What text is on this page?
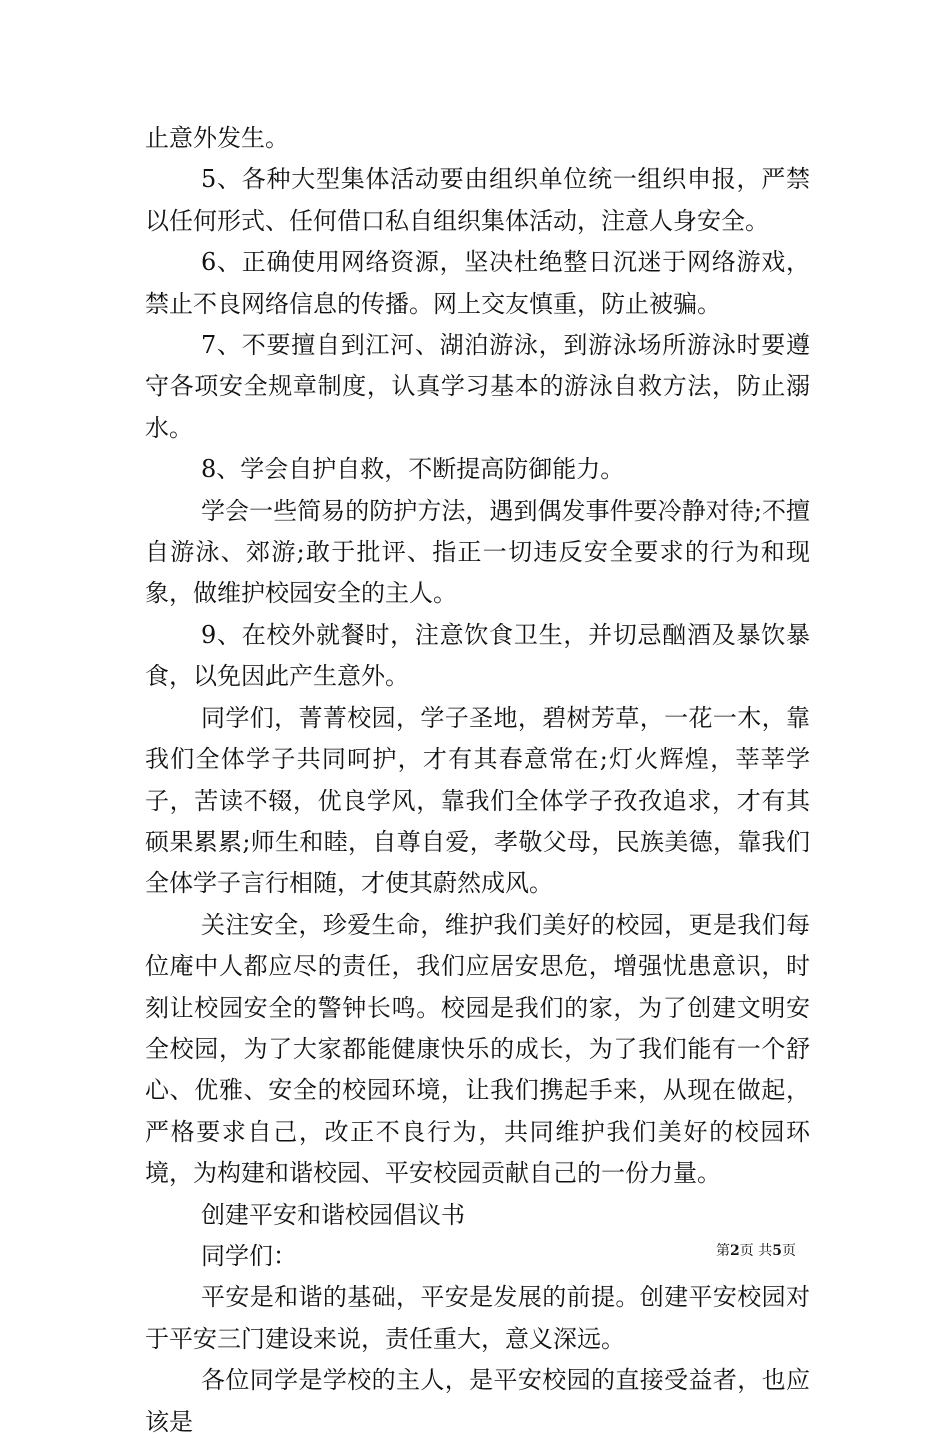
止意外发生。

5、各种大型集体活动要由组织单位统一组织申报，严禁以任何形式、任何借口私自组织集体活动，注意人身安全。

6、正确使用网络资源，坚决杜绝整日沉迷于网络游戏，禁止不良网络信息的传播。网上交友慎重，防止被骗。

7、不要擅自到江河、湖泊游泳，到游泳场所游泳时要遵守各项安全规章制度，认真学习基本的游泳自救方法，防止溺水。

8、学会自护自救，不断提高防御能力。

学会一些简易的防护方法，遇到偶发事件要冷静对待;不擅自游泳、郊游;敢于批评、指正一切违反安全要求的行为和现象，做维护校园安全的主人。

9、在校外就餐时，注意饮食卫生，并切忌酗酒及暴饮暴食，以免因此产生意外。

同学们，菁菁校园，学子圣地，碧树芳草，一花一木，靠我们全体学子共同呵护，才有其春意常在;灯火辉煌，莘莘学子，苦读不辍，优良学风，靠我们全体学子孜孜追求，才有其硕果累累;师生和睦，自尊自爱，孝敬父母，民族美德，靠我们全体学子言行相随，才使其蔚然成风。

关注安全，珍爱生命，维护我们美好的校园，更是我们每位庵中人都应尽的责任，我们应居安思危，增强忧患意识，时刻让校园安全的警钟长鸣。校园是我们的家，为了创建文明安全校园，为了大家都能健康快乐的成长，为了我们能有一个舒心、优雅、安全的校园环境，让我们携起手来，从现在做起，严格要求自己，改正不良行为，共同维护我们美好的校园环境，为构建和谐校园、平安校园贡献自己的一份力量。

创建平安和谐校园倡议书

同学们：

平安是和谐的基础，平安是发展的前提。创建平安校园对于平安三门建设来说，责任重大，意义深远。

各位同学是学校的主人，是平安校园的直接受益者，也应该是

第2页 共5页
